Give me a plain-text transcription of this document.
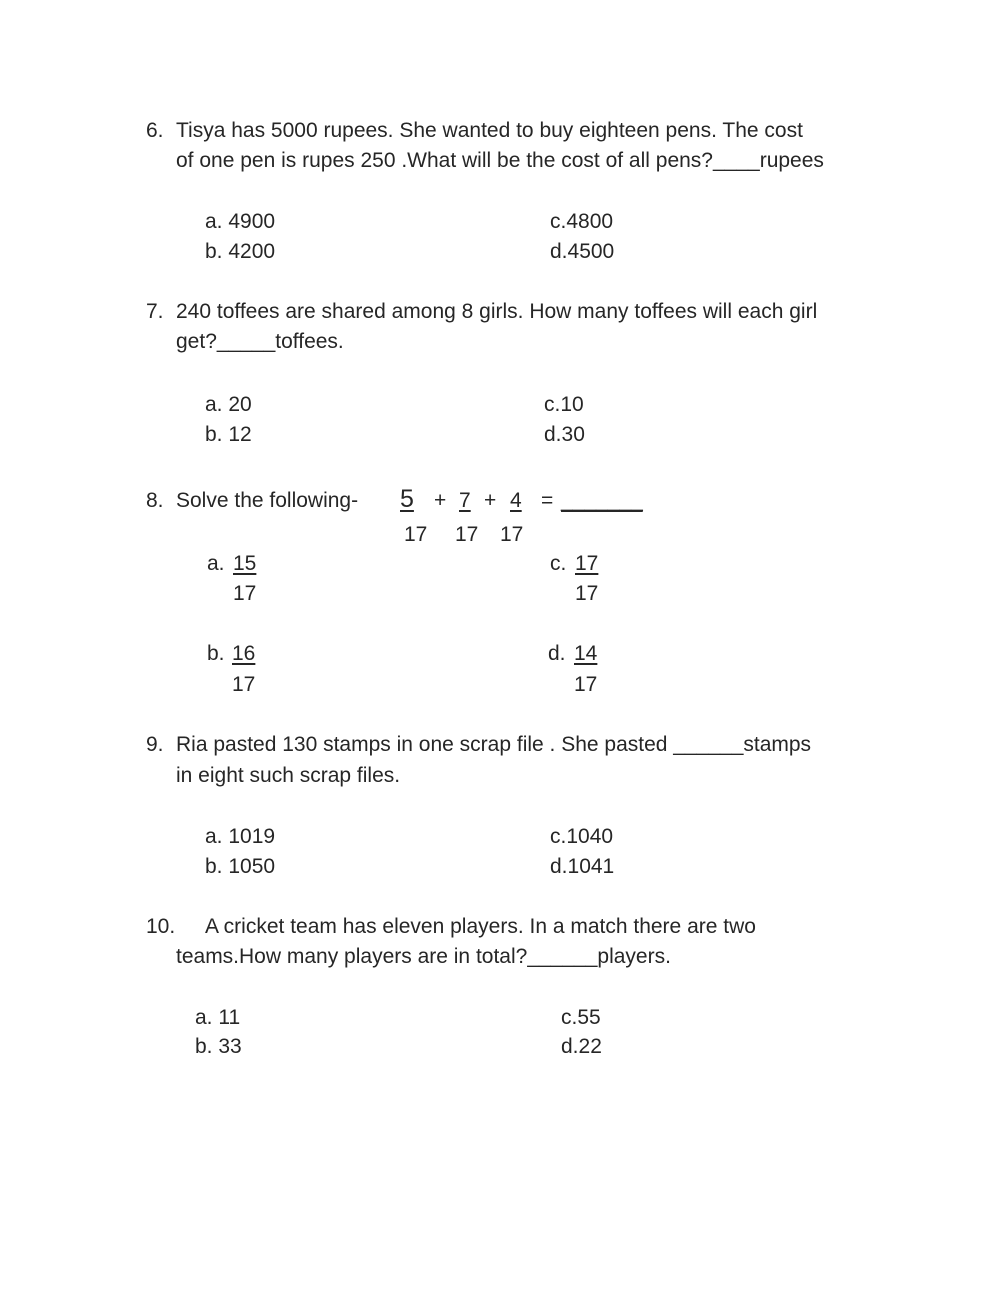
6. Tisya has 5000 rupees. She wanted to buy eighteen pens. The cost
of one pen is rupes 250 .What will be the cost of all pens?____rupees
a. 4900
b. 4200
c.4800
d.4500
7. 240 toffees are shared among 8 girls. How many toffees will each girl
get?_____toffees.
a. 20
b. 12
c.10
d.30
8. Solve the following- 5 + 7 + 4 = _______
17 17 17
a. 15
17
c. 17
17
b. 16
17
d. 14
17
9. Ria pasted 130 stamps in one scrap file . She pasted ______stamps
in eight such scrap files.
a. 1019
b. 1050
c.1040
d.1041
10. A cricket team has eleven players. In a match there are two
teams.How many players are in total?______players.
a. 11
b. 33
c.55
d.22
